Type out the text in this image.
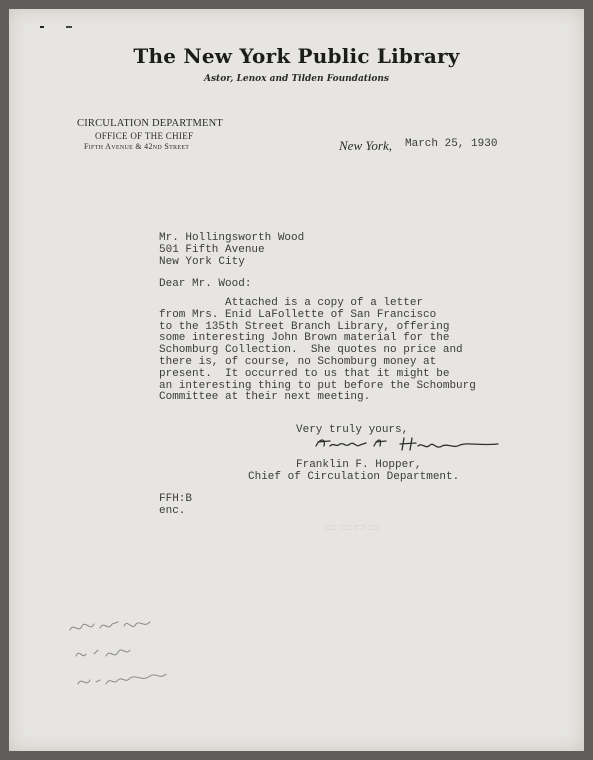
The New York Public Library
Astor, Lenox and Tilden Foundations
CIRCULATION DEPARTMENT
OFFICE OF THE CHIEF
Fifth Avenue & 42nd Street	New York, March 25, 1930
Mr. Hollingsworth Wood
501 Fifth Avenue
New York City
Dear Mr. Wood:
Attached is a copy of a letter
from Mrs. Enid LaFollette of San Francisco
to the 135th Street Branch Library, offering
some interesting John Brown material for the
Schomburg Collection.  She quotes no price and
there is, of course, no Schomburg money at
present.  It occurred to us that it might be
an interesting thing to put before the Schomburg
Committee at their next meeting.
Very truly yours,
Franklin F. Hopper,
Chief of Circulation Department.
FFH:B
enc.
▭▭▭▭
